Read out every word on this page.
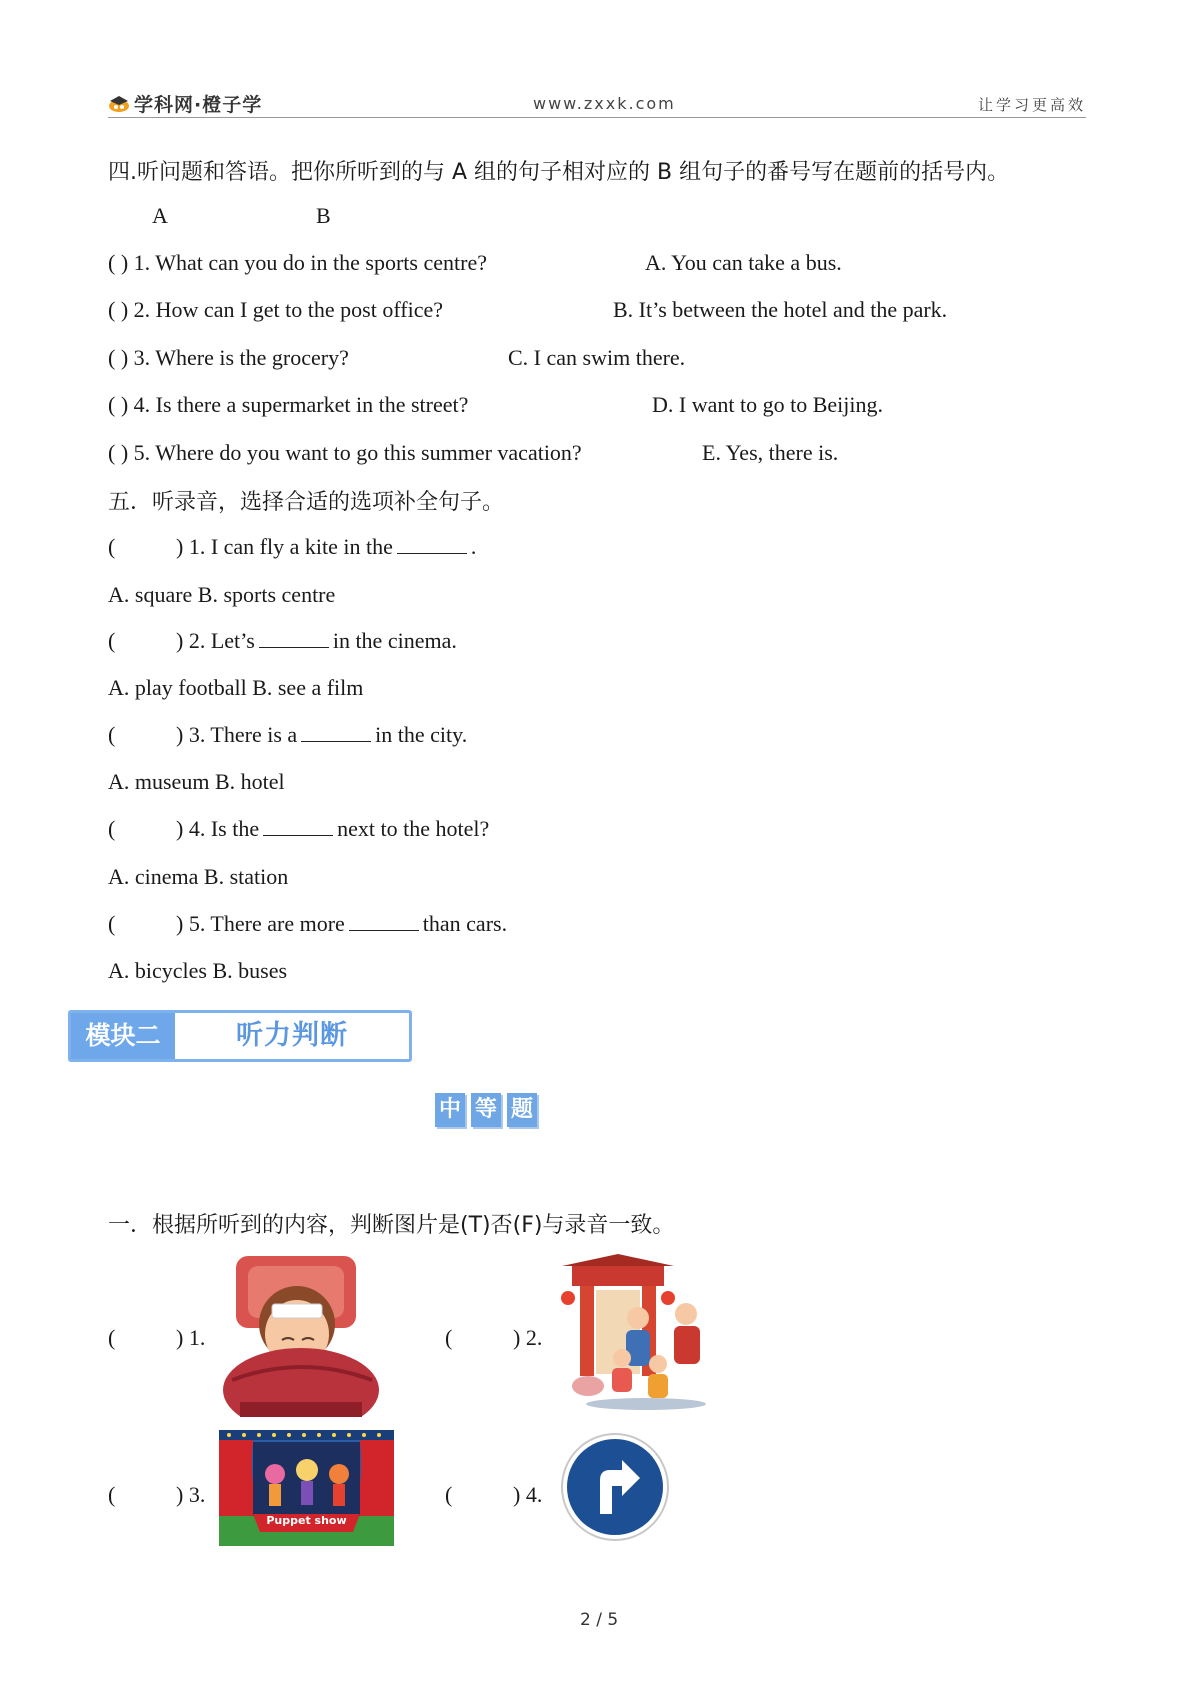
学科网·橙子学	www.zxxk.com	让学习更高效
四.听问题和答语。把你所听到的与 A 组的句子相对应的 B 组句子的番号写在题前的括号内。
A	B
( ) 1. What can you do in the sports centre?	A. You can take a bus.
( ) 2. How can I get to the post office?	B. It’s between the hotel and the park.
( ) 3. Where is the grocery?	C. I can swim there.
( ) 4. Is there a supermarket in the street?	D. I want to go to Beijing.
( ) 5. Where do you want to go this summer vacation?	E. Yes, there is.
五．听录音，选择合适的选项补全句子。
(	) 1. I can fly a kite in the	.
A. square B. sports centre
(	) 2. Let’s	in the cinema.
A. play football B. see a film
(	) 3. There is a	in the city.
A. museum B. hotel
(	) 4. Is the	next to the hotel?
A. cinema B. station
(	) 5. There are more	than cars.
A. bicycles B. buses
模块二	听力判断
中 等 题
一．根据所听到的内容，判断图片是(T)否(F)与录音一致。
(	) 1.	(	) 2.
(	) 3.	(	) 4.
Puppet show
2 / 5
